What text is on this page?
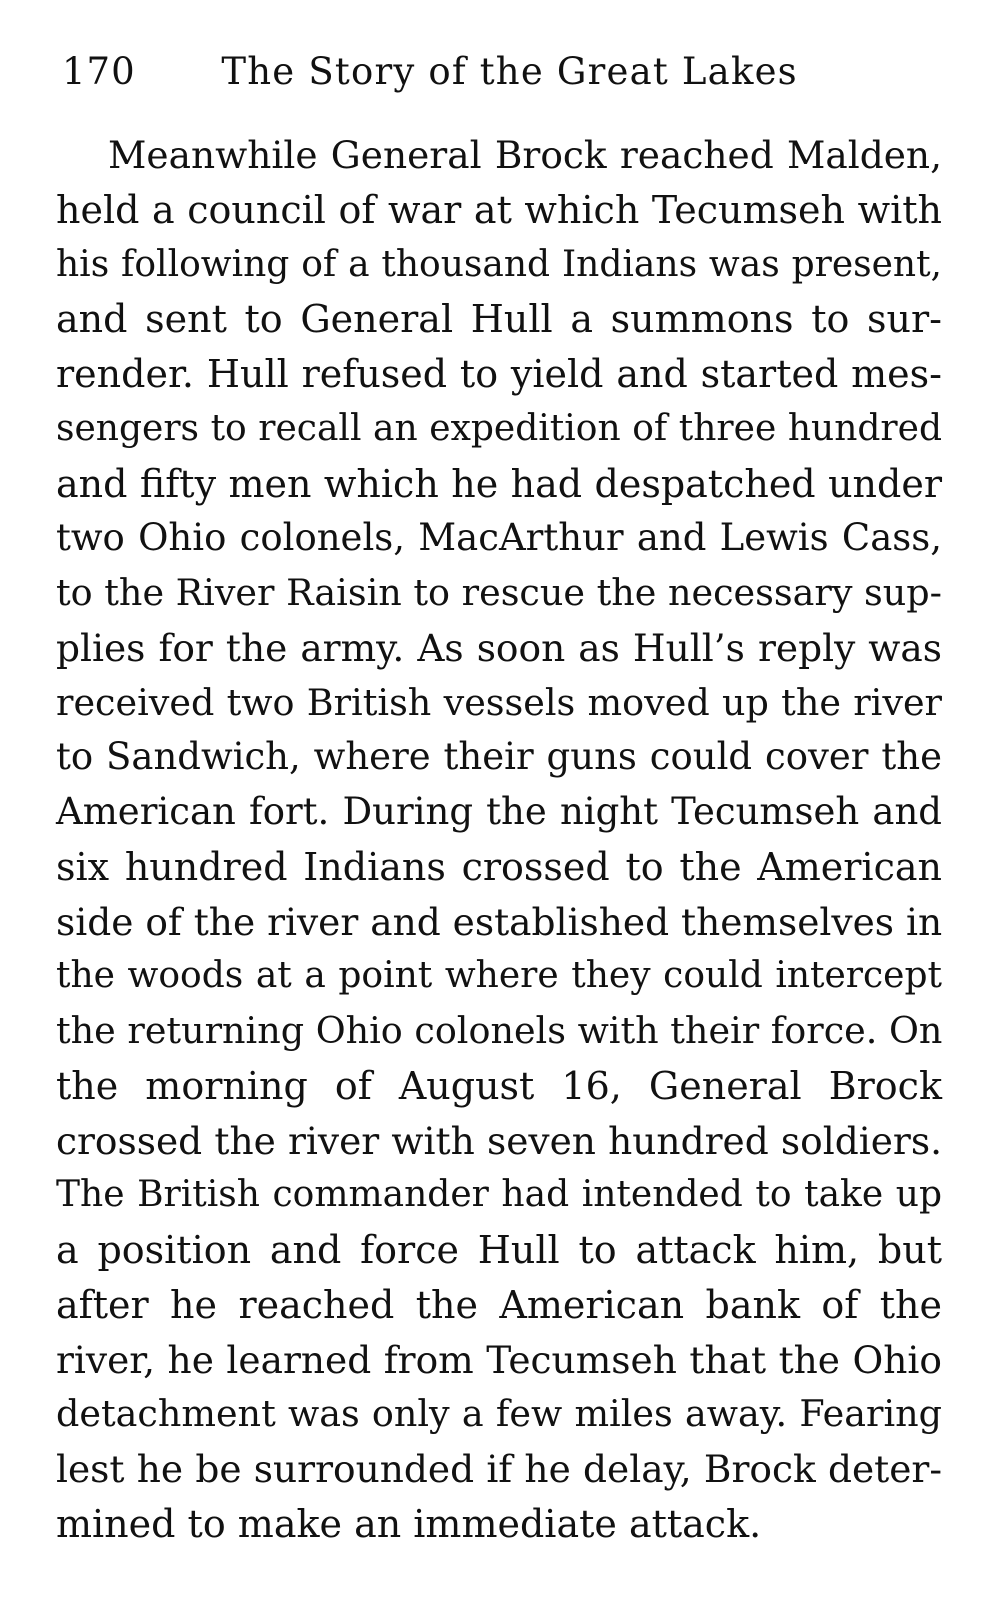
170 The Story of the Great Lakes
Meanwhile General Brock reached Malden,
held a council of war at which Tecumseh with
his following of a thousand Indians was present,
and sent to General Hull a summons to sur-
render. Hull refused to yield and started mes-
sengers to recall an expedition of three hundred
and fifty men which he had despatched under
two Ohio colonels, MacArthur and Lewis Cass,
to the River Raisin to rescue the necessary sup-
plies for the army. As soon as Hull’s reply was
received two British vessels moved up the river
to Sandwich, where their guns could cover the
American fort. During the night Tecumseh and
six hundred Indians crossed to the American
side of the river and established themselves in
the woods at a point where they could intercept
the returning Ohio colonels with their force. On
the morning of August 16, General Brock
crossed the river with seven hundred soldiers.
The British commander had intended to take up
a position and force Hull to attack him, but
after he reached the American bank of the
river, he learned from Tecumseh that the Ohio
detachment was only a few miles away. Fearing
lest he be surrounded if he delay, Brock deter-
mined to make an immediate attack.
